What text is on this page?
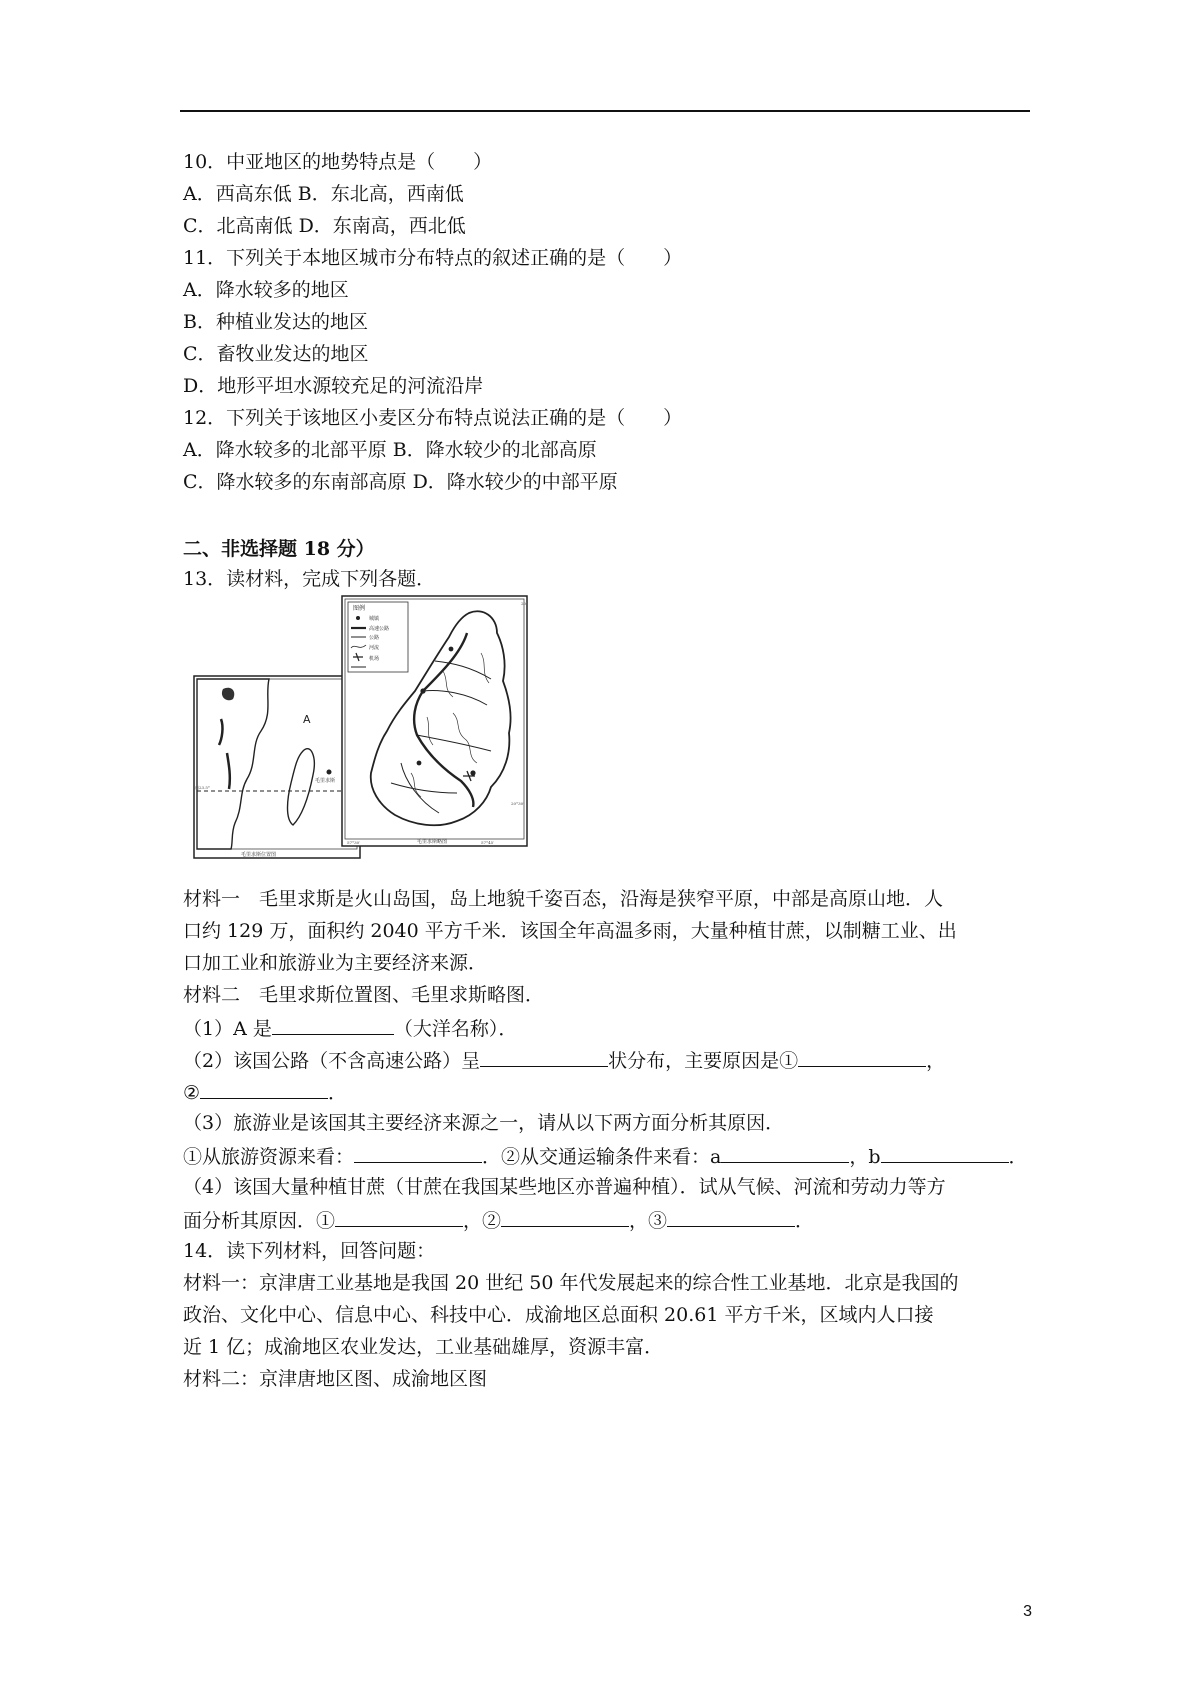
10．中亚地区的地势特点是（　　）
A．西高东低 B．东北高，西南低
C．北高南低 D．东南高，西北低
11．下列关于本地区城市分布特点的叙述正确的是（　　）
A．降水较多的地区
B．种植业发达的地区
C．畜牧业发达的地区
D．地形平坦水源较充足的河流沿岸
12．下列关于该地区小麦区分布特点说法正确的是（　　）
A．降水较多的北部平原 B．降水较少的北部高原
C．降水较多的东南部高原 D．降水较少的中部平原
二、非选择题 18 分）
13．读材料，完成下列各题．
毛里求斯
A
南23.5°
毛里求斯位置图
图例
城镇
高速公路
公路
河流
机场
20°
57°30′	57°45′
20°30′
毛里求斯略图
材料一　毛里求斯是火山岛国，岛上地貌千姿百态，沿海是狭窄平原，中部是高原山地．人
口约 129 万，面积约 2040 平方千米．该国全年高温多雨，大量种植甘蔗，以制糖工业、出
口加工业和旅游业为主要经济来源．
材料二　毛里求斯位置图、毛里求斯略图．
（1）A 是	（大洋名称）．
（2）该国公路（不含高速公路）呈	状分布，主要原因是①	，
②	．
（3）旅游业是该国其主要经济来源之一，请从以下两方面分析其原因．
①从旅游资源来看：	．②从交通运输条件来看：a	，b	．
（4）该国大量种植甘蔗（甘蔗在我国某些地区亦普遍种植）．试从气候、河流和劳动力等方
面分析其原因．①	，②	，③	．
14．读下列材料，回答问题：
材料一：京津唐工业基地是我国 20 世纪 50 年代发展起来的综合性工业基地．北京是我国的
政治、文化中心、信息中心、科技中心．成渝地区总面积 20.61 平方千米，区域内人口接
近 1 亿；成渝地区农业发达，工业基础雄厚，资源丰富．
材料二：京津唐地区图、成渝地区图
3
